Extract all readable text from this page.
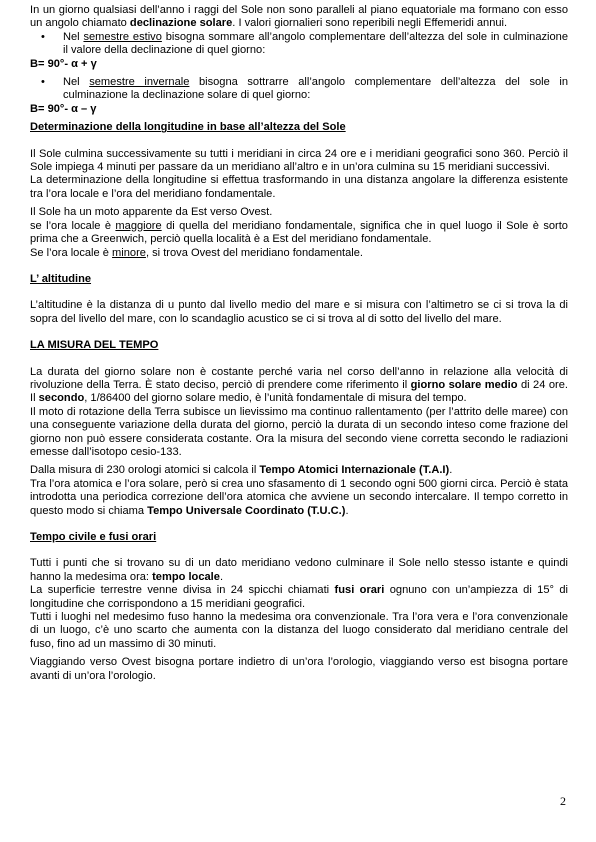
In un giorno qualsiasi dell’anno i raggi del Sole non sono paralleli al piano equatoriale ma formano con esso un angolo chiamato declinazione solare. I valori giornalieri sono reperibili negli Effemeridi annui.

• Nel semestre estivo bisogna sommare all’angolo complementare dell’altezza del sole in culminazione il valore della declinazione di quel giorno:

B= 90°- α + γ

• Nel semestre invernale bisogna sottrarre all’angolo complementare dell’altezza del sole in culminazione la declinazione solare di quel giorno:

B= 90°- α – γ

Determinazione della longitudine in base all’altezza del Sole

Il Sole culmina successivamente su tutti i meridiani in circa 24 ore e i meridiani geografici sono 360. Perciò il Sole impiega 4 minuti per passare da un meridiano all’altro e in un’ora culmina su 15 meridiani successivi.

La determinazione della longitudine si effettua trasformando in una distanza angolare la differenza esistente tra l’ora locale e l’ora del meridiano fondamentale.

Il Sole ha un moto apparente da Est verso Ovest.

se l’ora locale è maggiore di quella del meridiano fondamentale, significa che in quel luogo il Sole è sorto prima che a Greenwich, perciò quella località è a Est del meridiano fondamentale.

Se l’ora locale è minore, si trova Ovest del meridiano fondamentale.

L’ altitudine

L’altitudine è la distanza di u punto dal livello medio del mare e si misura con l’altimetro se ci si trova la di sopra del livello del mare, con lo scandaglio acustico se ci si trova al di sotto del livello del mare.

LA MISURA DEL TEMPO

La durata del giorno solare non è costante perché varia nel corso dell’anno in relazione alla velocità di rivoluzione della Terra. È stato deciso, perciò di prendere come riferimento il giorno solare medio di 24 ore. Il secondo, 1/86400 del giorno solare medio, è l’unità fondamentale di misura del tempo.

Il moto di rotazione della Terra subisce un lievissimo ma continuo rallentamento (per l’attrito delle maree) con una conseguente variazione della durata del giorno, perciò la durata di un secondo inteso come frazione del giorno non può essere considerata costante. Ora la misura del secondo viene corretta secondo le radiazioni emesse dall’isotopo cesio-133.

Dalla misura di 230 orologi atomici si calcola il Tempo Atomici Internazionale (T.A.I).

Tra l’ora atomica e l’ora solare, però si crea uno sfasamento di 1 secondo ogni 500 giorni circa. Perciò è stata introdotta una periodica correzione dell’ora atomica che avviene un secondo intercalare. Il tempo corretto in questo modo si chiama Tempo Universale Coordinato (T.U.C.).

Tempo civile e fusi orari

Tutti i punti che si trovano su di un dato meridiano vedono culminare il Sole nello stesso istante e quindi hanno la medesima ora: tempo locale.

La superficie terrestre venne divisa in 24 spicchi chiamati fusi orari ognuno con un’ampiezza di 15° di longitudine che corrispondono a 15 meridiani geografici.

Tutti i luoghi nel medesimo fuso hanno la medesima ora convenzionale. Tra l’ora vera e l’ora convenzionale di un luogo, c’è uno scarto che aumenta con la distanza del luogo considerato dal meridiano centrale del fuso, fino ad un massimo di 30 minuti.

Viaggiando verso Ovest bisogna portare indietro di un’ora l’orologio, viaggiando verso est bisogna portare avanti di un’ora l’orologio.

2
